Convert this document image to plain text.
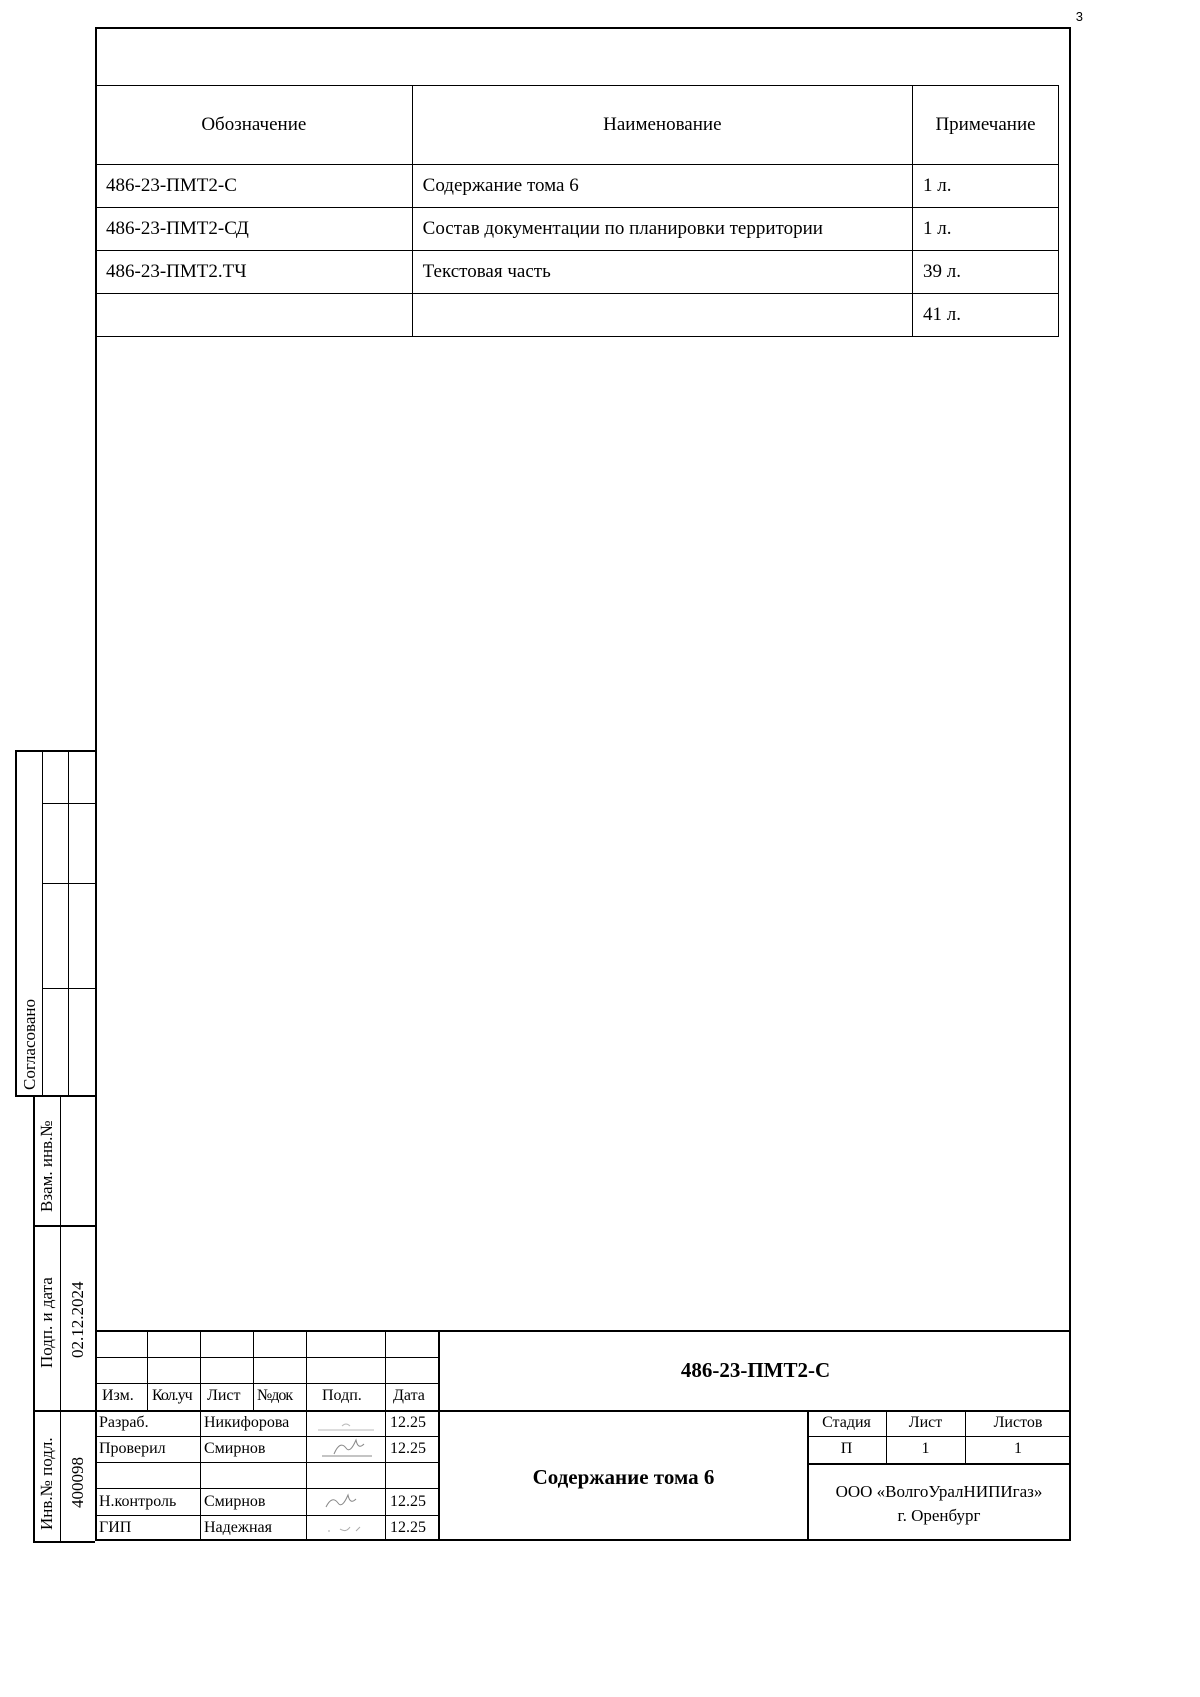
3
Обозначение	Наименование	Примечание
486-23-ПМТ2-С	Содержание тома 6	1 л.
486-23-ПМТ2-СД	Состав документации по планировки территории	1 л.
486-23-ПМТ2.ТЧ	Текстовая часть	39 л.
		41 л.
Согласовано
Взам. инв.№
Подп. и дата 02.12.2024
Инв.№ подл. 400098
Изм. Кол.уч Лист №док Подп. Дата
Разраб.	Никифорова	12.25
Проверил Смирнов	12.25
Н.контроль Смирнов	12.25
ГИП	Надежная	12.25
486-23-ПМТ2-С
Содержание тома 6
Стадия	Лист	Листов
П	1	1
ООО «ВолгоУралНИПИгаз»
г. Оренбург
